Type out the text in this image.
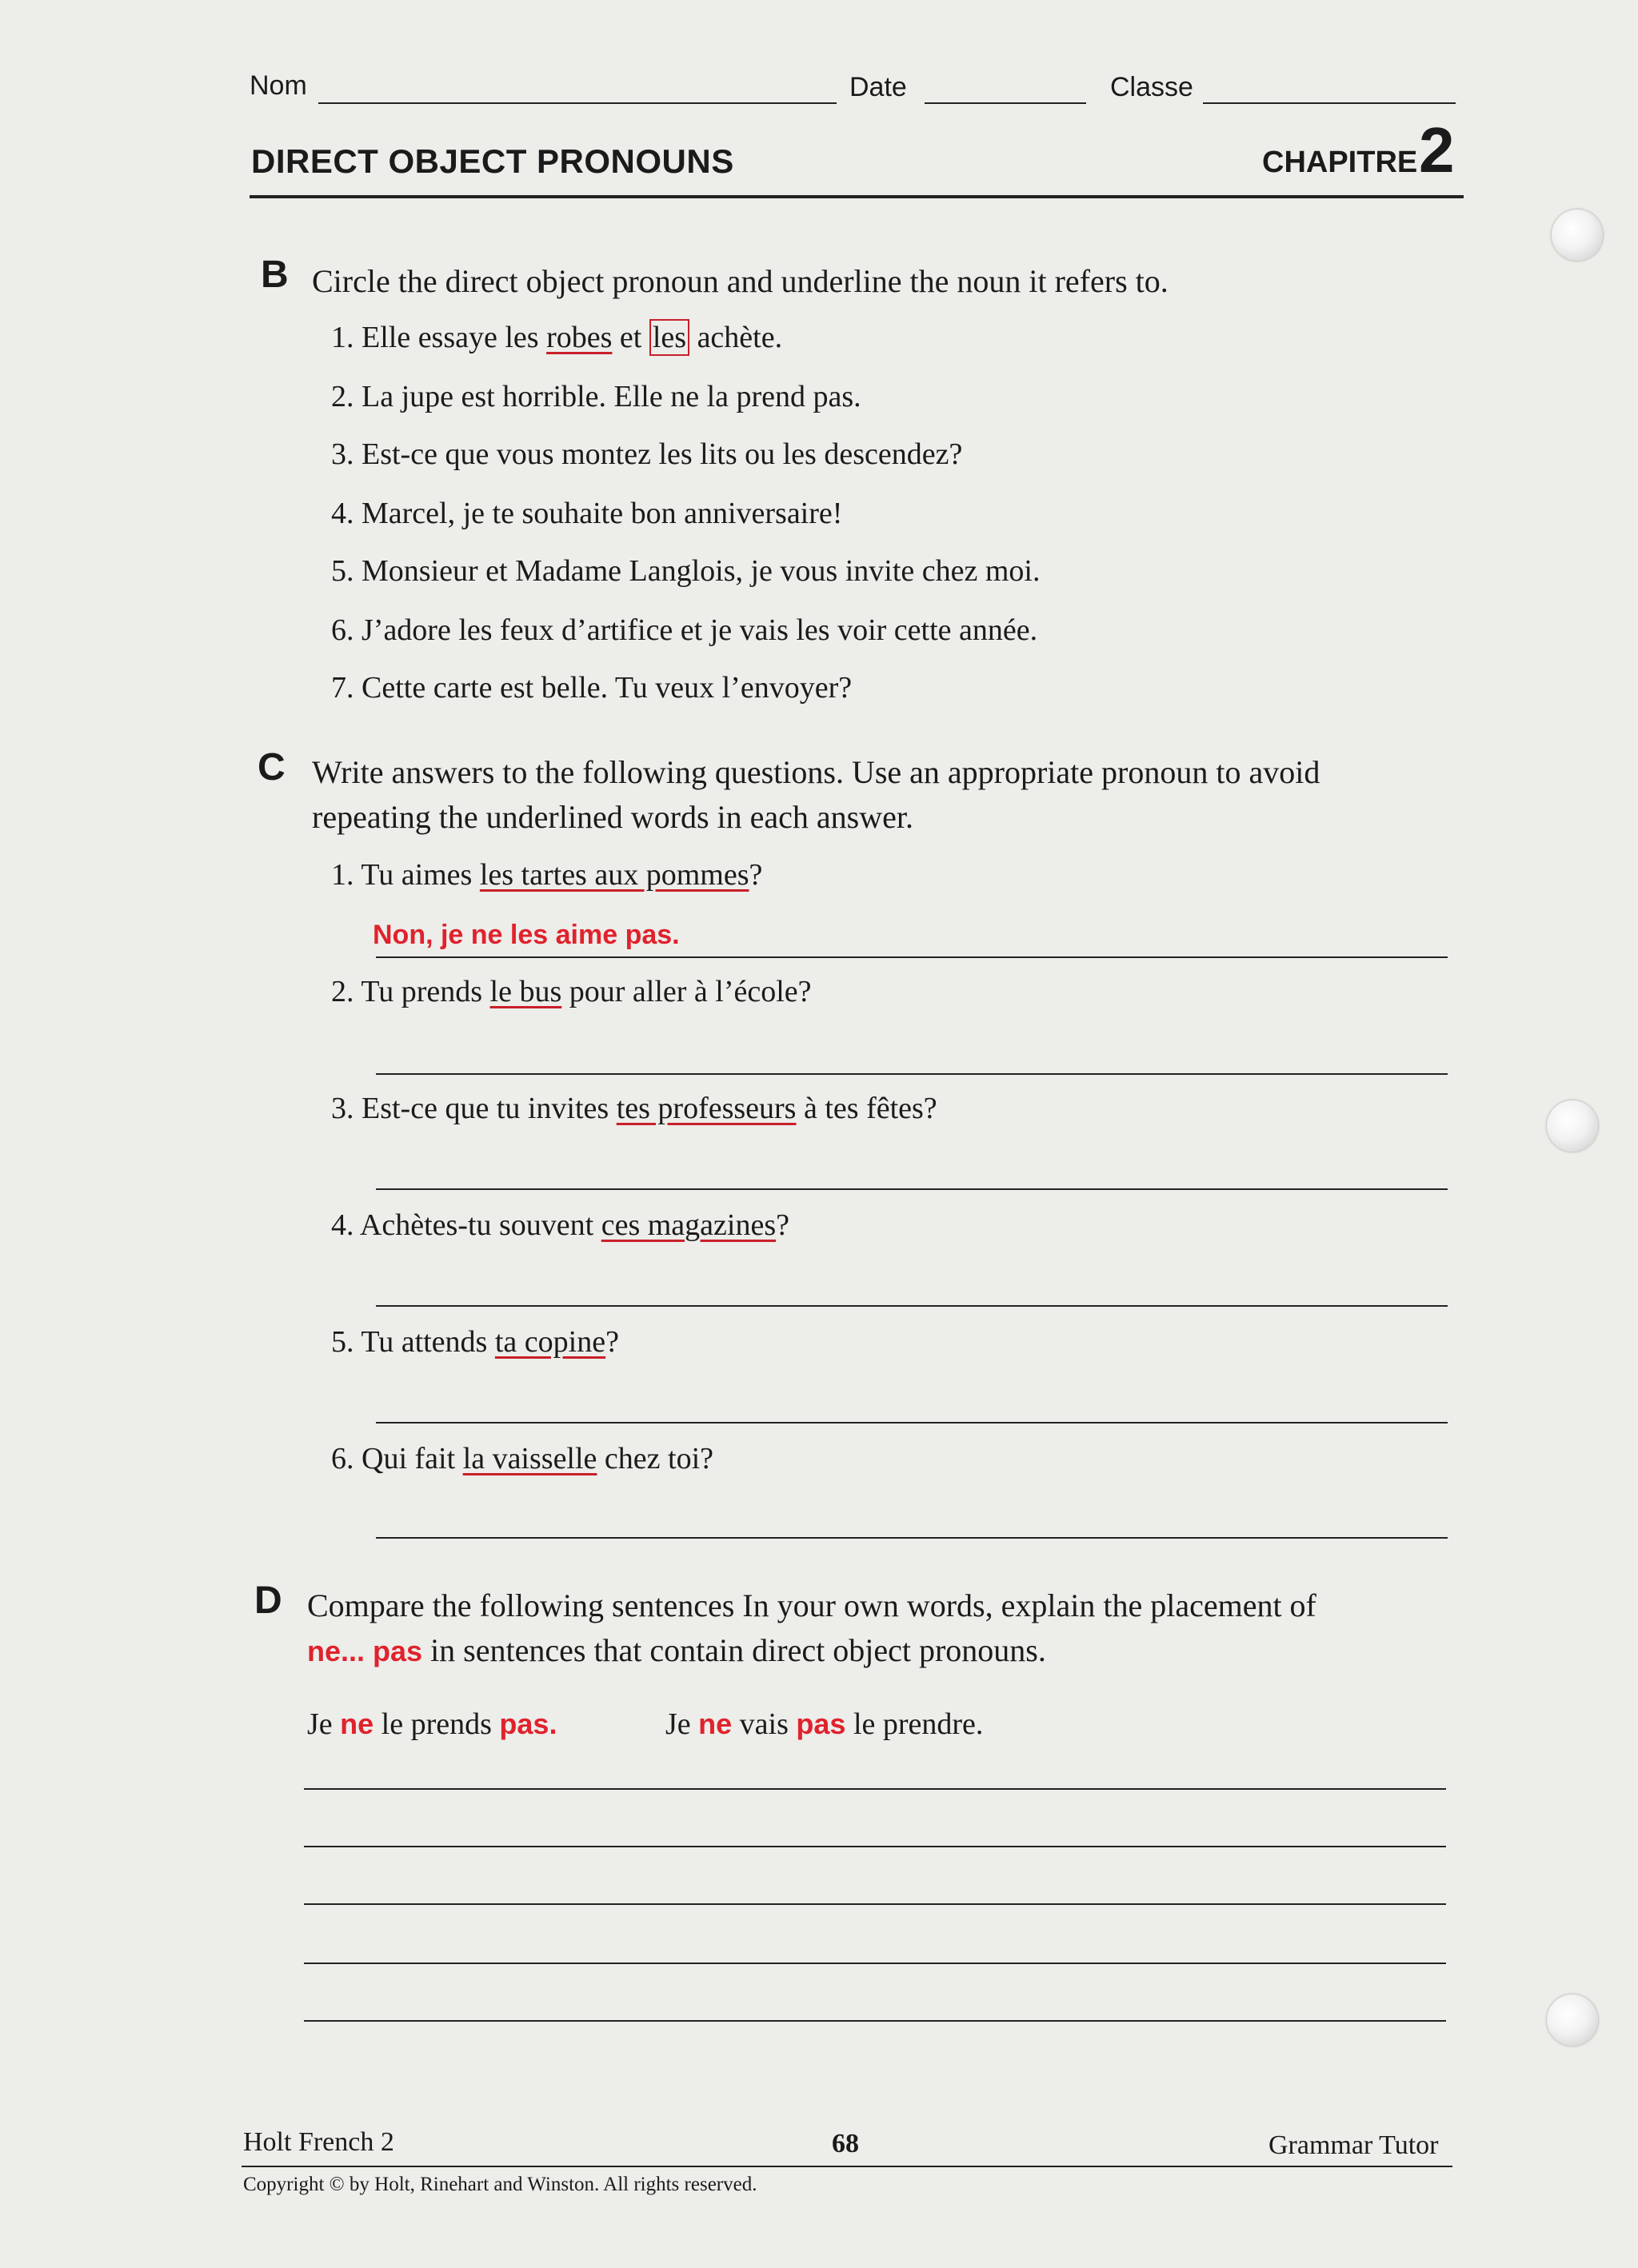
Nom	Date	Classe
DIRECT OBJECT PRONOUNS	CHAPITRE 2
B Circle the direct object pronoun and underline the noun it refers to.
1. Elle essaye les robes et les achète.
2. La jupe est horrible. Elle ne la prend pas.
3. Est-ce que vous montez les lits ou les descendez?
4. Marcel, je te souhaite bon anniversaire!
5. Monsieur et Madame Langlois, je vous invite chez moi.
6. J’adore les feux d’artifice et je vais les voir cette année.
7. Cette carte est belle. Tu veux l’envoyer?
C Write answers to the following questions. Use an appropriate pronoun to avoid
repeating the underlined words in each answer.
1. Tu aimes les tartes aux pommes?
Non, je ne les aime pas.
2. Tu prends le bus pour aller à l’école?
3. Est-ce que tu invites tes professeurs à tes fêtes?
4. Achètes-tu souvent ces magazines?
5. Tu attends ta copine?
6. Qui fait la vaisselle chez toi?
D Compare the following sentences In your own words, explain the placement of
ne... pas in sentences that contain direct object pronouns.
Je ne le prends pas.	Je ne vais pas le prendre.
Holt French 2	68	Grammar Tutor
Copyright © by Holt, Rinehart and Winston. All rights reserved.
